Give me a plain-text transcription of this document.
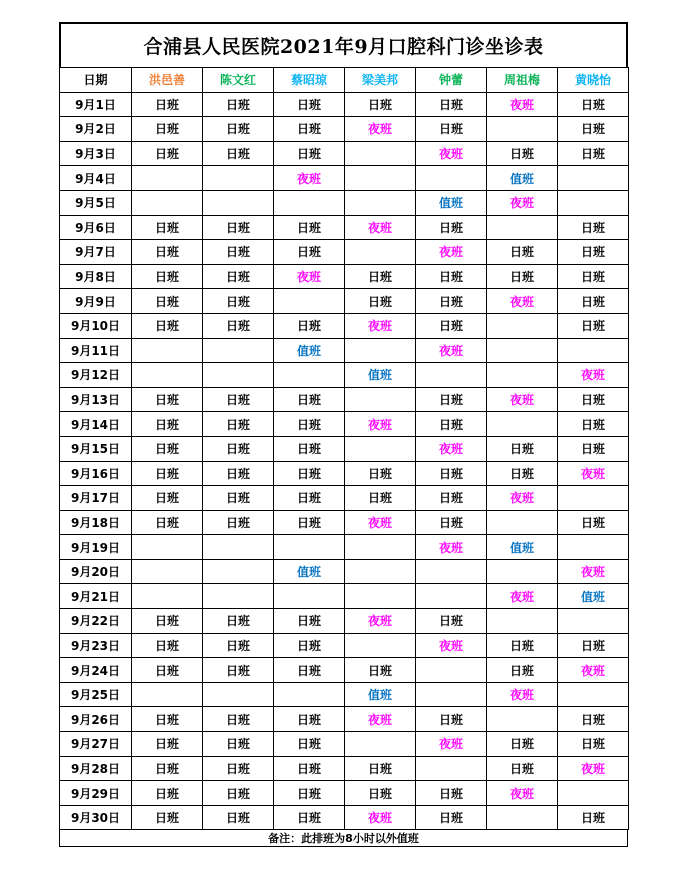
合浦县人民医院2021年9月口腔科门诊坐诊表
日期	洪邑善	陈文红	蔡昭琼	梁美邦	钟蕾	周祖梅	黄晓怡
9月1日	日班	日班	日班	日班	日班	夜班	日班
9月2日	日班	日班	日班	夜班	日班		日班
9月3日	日班	日班	日班		夜班	日班	日班
9月4日			夜班			值班	
9月5日					值班	夜班	
9月6日	日班	日班	日班	夜班	日班		日班
9月7日	日班	日班	日班		夜班	日班	日班
9月8日	日班	日班	夜班	日班	日班	日班	日班
9月9日	日班	日班		日班	日班	夜班	日班
9月10日	日班	日班	日班	夜班	日班		日班
9月11日			值班		夜班		
9月12日				值班			夜班
9月13日	日班	日班	日班		日班	夜班	日班
9月14日	日班	日班	日班	夜班	日班		日班
9月15日	日班	日班	日班		夜班	日班	日班
9月16日	日班	日班	日班	日班	日班	日班	夜班
9月17日	日班	日班	日班	日班	日班	夜班	
9月18日	日班	日班	日班	夜班	日班		日班
9月19日					夜班	值班	
9月20日			值班				夜班
9月21日						夜班	值班
9月22日	日班	日班	日班	夜班	日班		
9月23日	日班	日班	日班		夜班	日班	日班
9月24日	日班	日班	日班	日班		日班	夜班
9月25日				值班		夜班	
9月26日	日班	日班	日班	夜班	日班		日班
9月27日	日班	日班	日班		夜班	日班	日班
9月28日	日班	日班	日班	日班		日班	夜班
9月29日	日班	日班	日班	日班	日班	夜班	
9月30日	日班	日班	日班	夜班	日班		日班
备注：此排班为8小时以外值班
